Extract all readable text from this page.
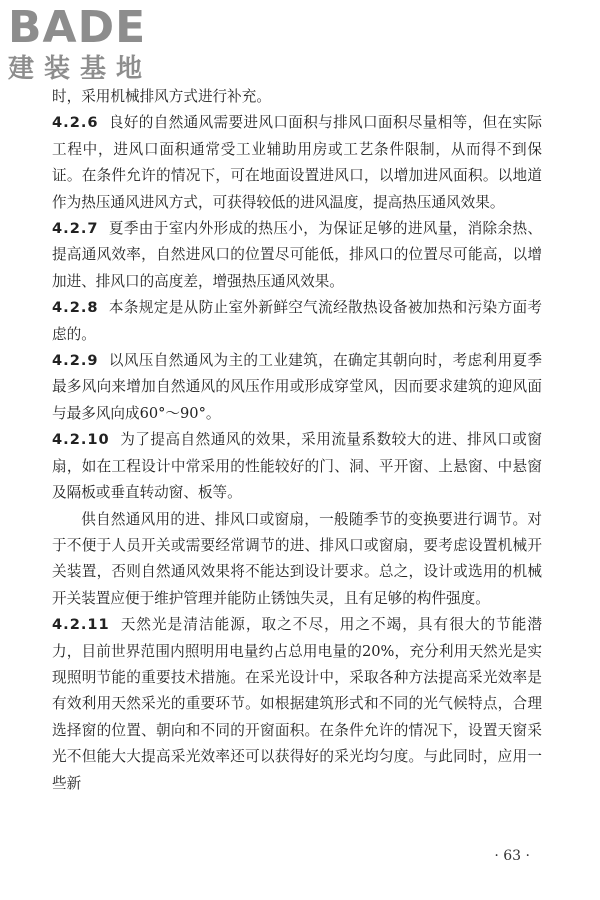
BADE
建装基地

时，采用机械排风方式进行补充。

4.2.6 良好的自然通风需要进风口面积与排风口面积尽量相等，但在实际工程中，进风口面积通常受工业辅助用房或工艺条件限制，从而得不到保证。在条件允许的情况下，可在地面设置进风口，以增加进风面积。以地道作为热压通风进风方式，可获得较低的进风温度，提高热压通风效果。

4.2.7 夏季由于室内外形成的热压小，为保证足够的进风量，消除余热、提高通风效率，自然进风口的位置尽可能低，排风口的位置尽可能高，以增加进、排风口的高度差，增强热压通风效果。

4.2.8 本条规定是从防止室外新鲜空气流经散热设备被加热和污染方面考虑的。

4.2.9 以风压自然通风为主的工业建筑，在确定其朝向时，考虑利用夏季最多风向来增加自然通风的风压作用或形成穿堂风，因而要求建筑的迎风面与最多风向成60°～90°。

4.2.10 为了提高自然通风的效果，采用流量系数较大的进、排风口或窗扇，如在工程设计中常采用的性能较好的门、洞、平开窗、上悬窗、中悬窗及隔板或垂直转动窗、板等。

供自然通风用的进、排风口或窗扇，一般随季节的变换要进行调节。对于不便于人员开关或需要经常调节的进、排风口或窗扇，要考虑设置机械开关装置，否则自然通风效果将不能达到设计要求。总之，设计或选用的机械开关装置应便于维护管理并能防止锈蚀失灵，且有足够的构件强度。

4.2.11 天然光是清洁能源，取之不尽，用之不竭，具有很大的节能潜力，目前世界范围内照明用电量约占总用电量的20%，充分利用天然光是实现照明节能的重要技术措施。在采光设计中，采取各种方法提高采光效率是有效利用天然采光的重要环节。如根据建筑形式和不同的光气候特点，合理选择窗的位置、朝向和不同的开窗面积。在条件允许的情况下，设置天窗采光不但能大大提高采光效率还可以获得好的采光均匀度。与此同时，应用一些新

· 63 ·
